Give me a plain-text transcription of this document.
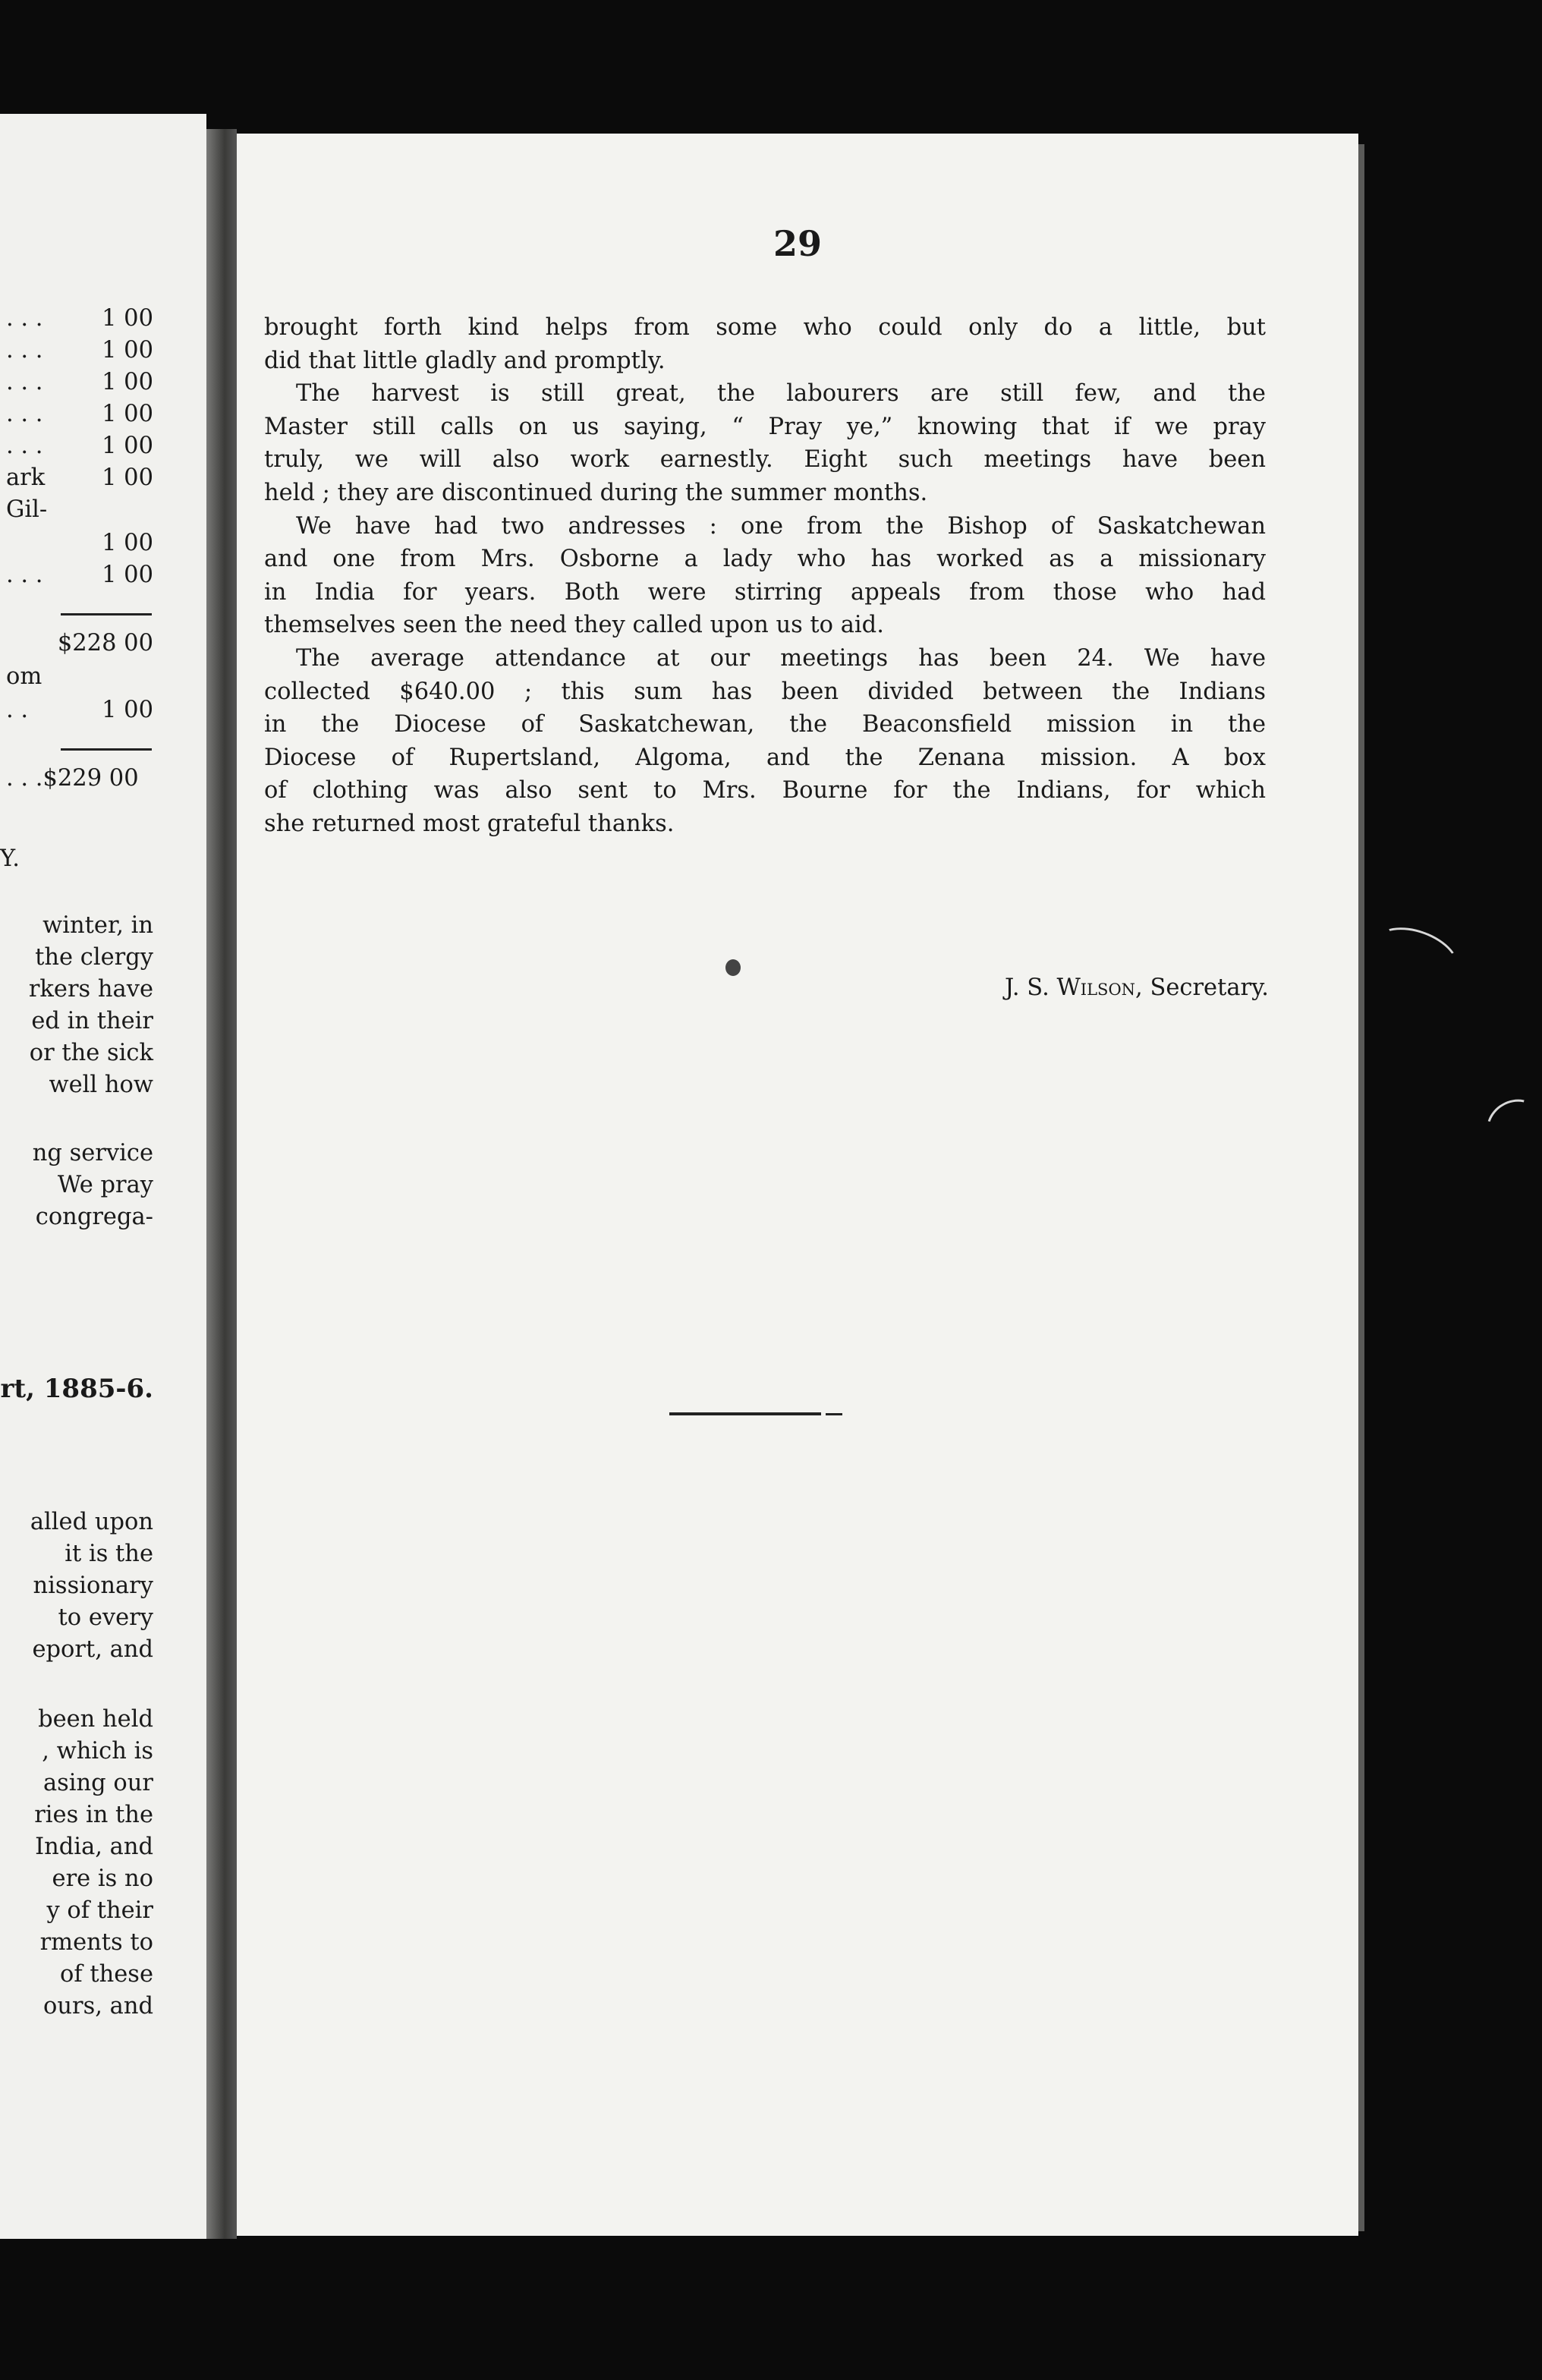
. . .	1 00
. . .	1 00
. . .	1 00
. . .	1 00
. . .	1 00
ark 1 00
Gil-
1 00
. . .	1 00
$228 00
om
. .	1 00
. . .$229 00
Y.
winter, in
the clergy
rkers have
ed in their
or the sick
well how
ng service
We pray
congrega-
rt, 1885-6.
alled upon
it is the
nissionary
to every
eport, and
been held
, which is
asing our
ries in the
India, and
ere is no
y of their
rments to
of these
ours, and
29
brought forth kind helps from some who could only do a little, but
did that little gladly and promptly.
The harvest is still great, the labourers are still few, and the
Master still calls on us saying, “ Pray ye,” knowing that if we pray
truly, we will also work earnestly. Eight such meetings have been
held ; they are discontinued during the summer months.
We have had two andresses : one from the Bishop of Saskatchewan
and one from Mrs. Osborne a lady who has worked as a missionary
in India for years. Both were stirring appeals from those who had
themselves seen the need they called upon us to aid.
The average attendance at our meetings has been 24. We have
collected $640.00 ; this sum has been divided between the Indians
in the Diocese of Saskatchewan, the Beaconsfield mission in the
Diocese of Rupertsland, Algoma, and the Zenana mission. A box
of clothing was also sent to Mrs. Bourne for the Indians, for which
she returned most grateful thanks.
J. S. Wilson, Secretary.
